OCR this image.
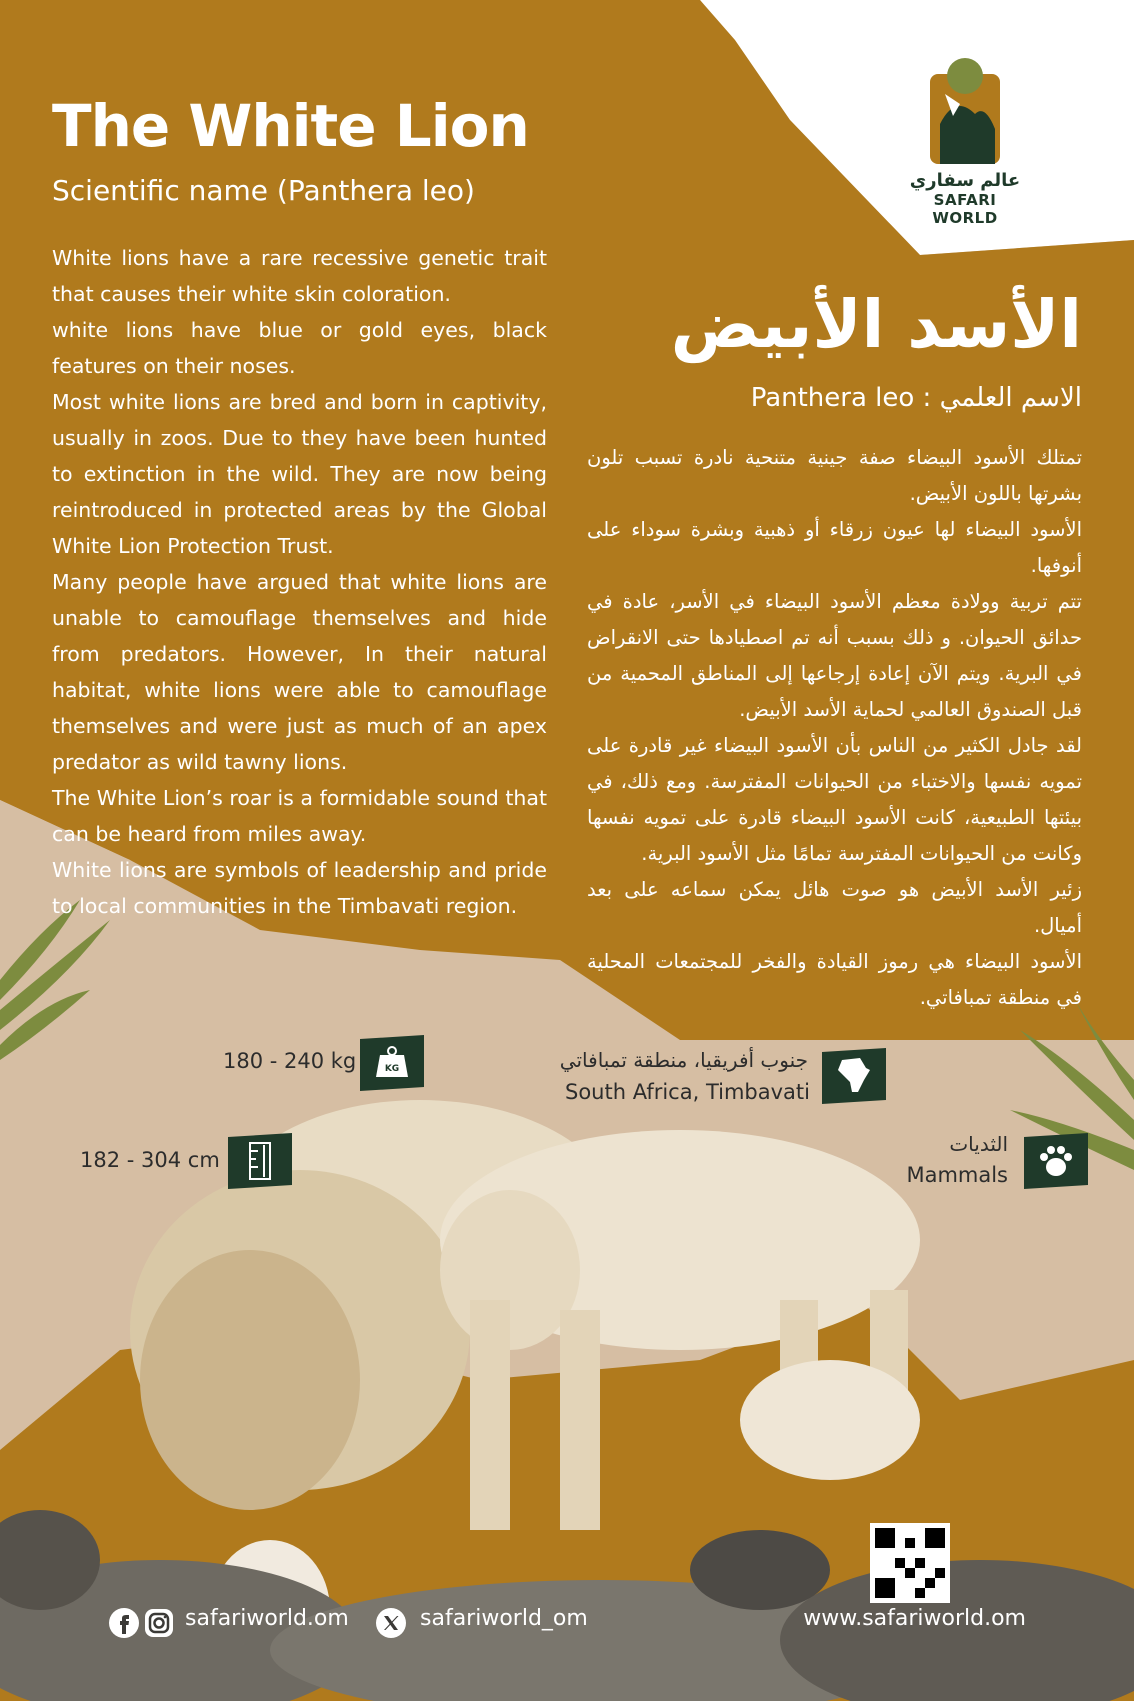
عالم سفاري
SAFARI WORLD
The White Lion
Scientific name (Panthera leo)

White lions have a rare recessive genetic trait that causes their white skin coloration.

white lions have blue or gold eyes, black features on their noses.

Most white lions are bred and born in captivity, usually in zoos. Due to they have been hunted to extinction in the wild. They are now being reintroduced in protected areas by the Global White Lion Protection Trust.

Many people have argued that white lions are unable to camouflage themselves and hide from predators. However, In their natural habitat, white lions were able to camouflage themselves and were just as much of an apex predator as wild tawny lions.

The White Lion’s roar is a formidable sound that can be heard from miles away.

White lions are symbols of leadership and pride to local communities in the Timbavati region.

الأسد الأبيض
الاسم العلمي : Panthera leo

تمتلك الأسود البيضاء صفة جينية متنحية نادرة تسبب تلون بشرتها باللون الأبيض.

الأسود البيضاء لها عيون زرقاء أو ذهبية وبشرة سوداء على أنوفها.

تتم تربية وولادة معظم الأسود البيضاء في الأسر، عادة في حدائق الحيوان. و ذلك بسبب أنه تم اصطيادها حتى الانقراض في البرية. ويتم الآن إعادة إرجاعها إلى المناطق المحمية من قبل الصندوق العالمي لحماية الأسد الأبيض.

لقد جادل الكثير من الناس بأن الأسود البيضاء غير قادرة على تمويه نفسها والاختباء من الحيوانات المفترسة. ومع ذلك، في بيئتها الطبيعية، كانت الأسود البيضاء قادرة على تمويه نفسها وكانت من الحيوانات المفترسة تمامًا مثل الأسود البرية.

زئير الأسد الأبيض هو صوت هائل يمكن سماعه على بعد أميال.

الأسود البيضاء هي رموز القيادة والفخر للمجتمعات المحلية في منطقة تمبافاتي.

180 - 240 kg	KG
182 - 304 cm
جنوب أفريقيا، منطقة تمبافاتي
South Africa, Timbavati
الثديات
Mammals
safariworld.om	safariworld_om	www.safariworld.om
